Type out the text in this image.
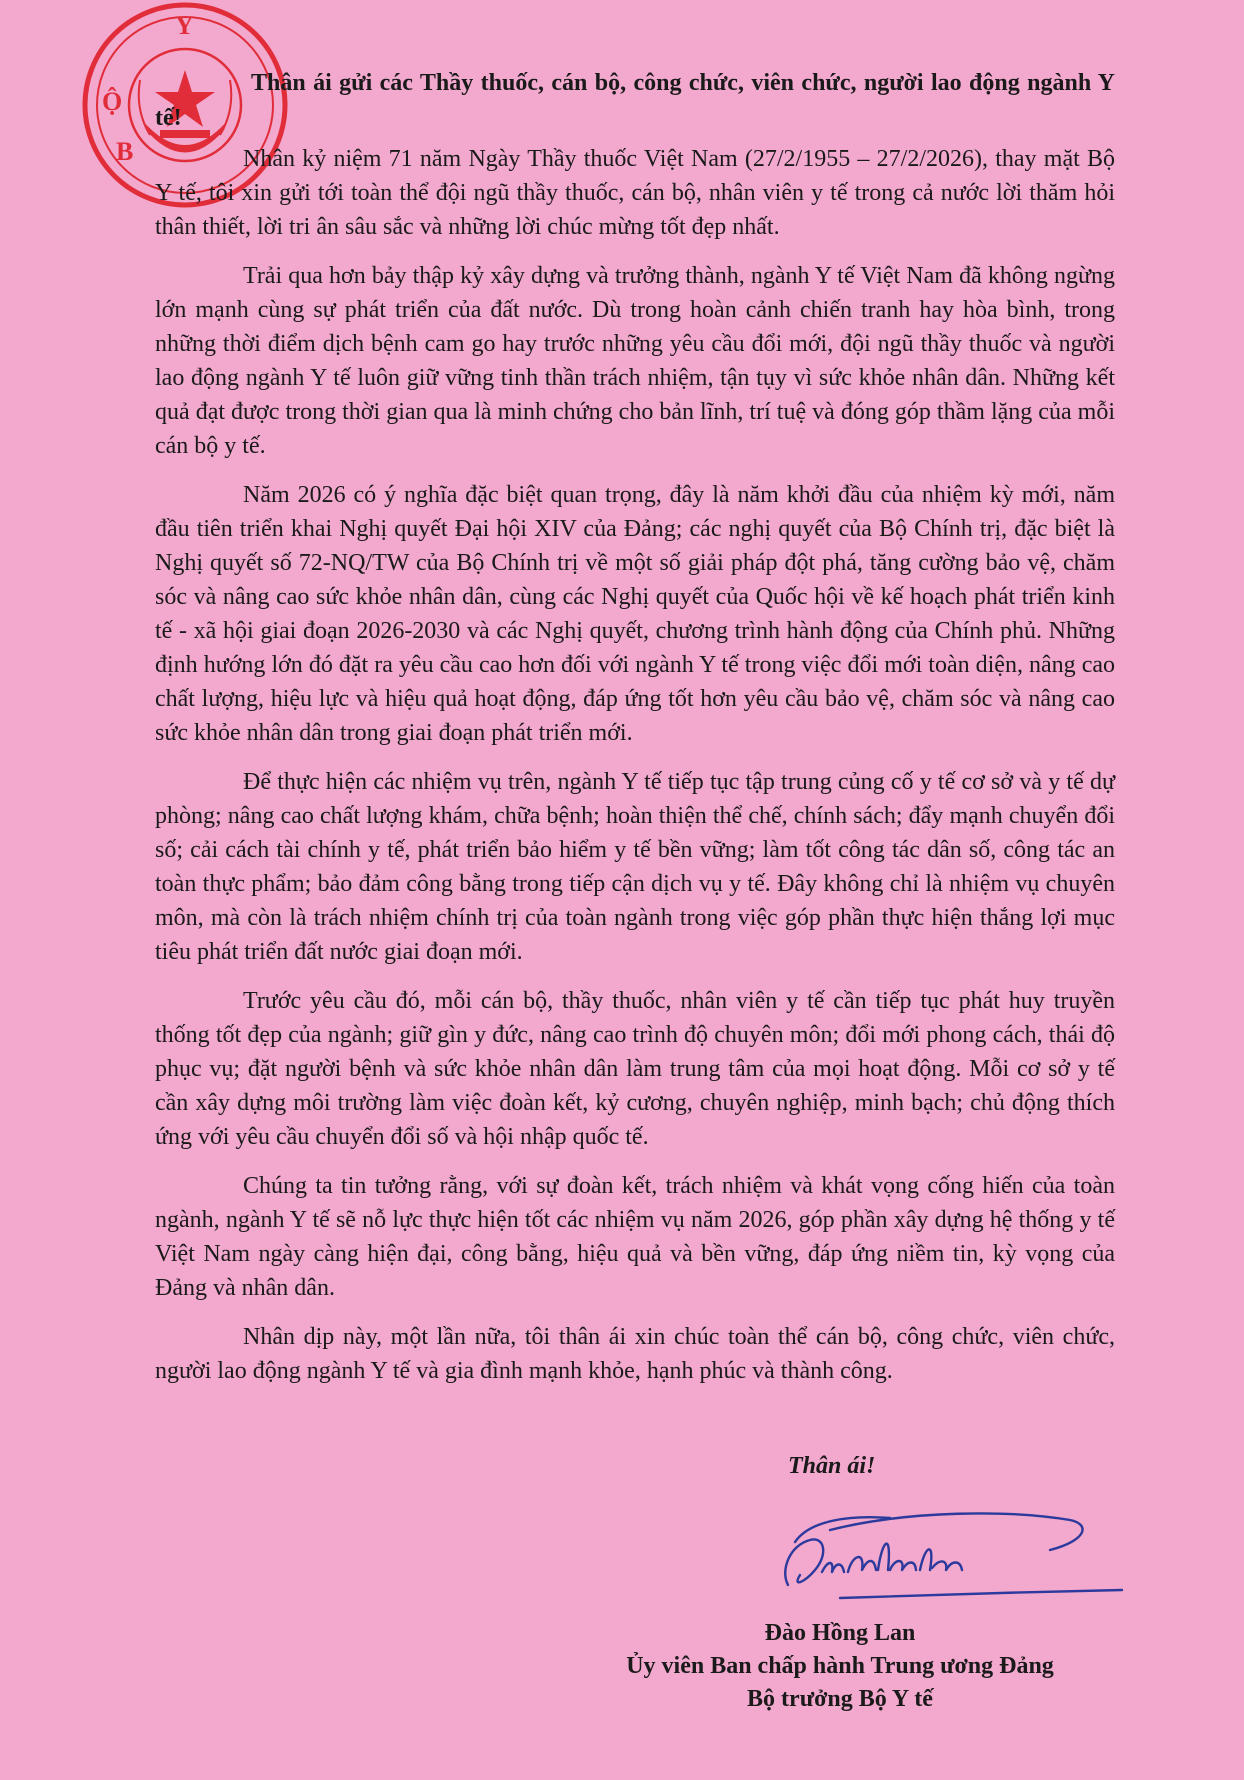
Y
Ộ
B

Thân ái gửi các Thầy thuốc, cán bộ, công chức, viên chức, người lao động ngành Y tế!

Nhân kỷ niệm 71 năm Ngày Thầy thuốc Việt Nam (27/2/1955 – 27/2/2026), thay mặt Bộ Y tế, tôi xin gửi tới toàn thể đội ngũ thầy thuốc, cán bộ, nhân viên y tế trong cả nước lời thăm hỏi thân thiết, lời tri ân sâu sắc và những lời chúc mừng tốt đẹp nhất.

Trải qua hơn bảy thập kỷ xây dựng và trưởng thành, ngành Y tế Việt Nam đã không ngừng lớn mạnh cùng sự phát triển của đất nước. Dù trong hoàn cảnh chiến tranh hay hòa bình, trong những thời điểm dịch bệnh cam go hay trước những yêu cầu đổi mới, đội ngũ thầy thuốc và người lao động ngành Y tế luôn giữ vững tinh thần trách nhiệm, tận tụy vì sức khỏe nhân dân. Những kết quả đạt được trong thời gian qua là minh chứng cho bản lĩnh, trí tuệ và đóng góp thầm lặng của mỗi cán bộ y tế.

Năm 2026 có ý nghĩa đặc biệt quan trọng, đây là năm khởi đầu của nhiệm kỳ mới, năm đầu tiên triển khai Nghị quyết Đại hội XIV của Đảng; các nghị quyết của Bộ Chính trị, đặc biệt là Nghị quyết số 72-NQ/TW của Bộ Chính trị về một số giải pháp đột phá, tăng cường bảo vệ, chăm sóc và nâng cao sức khỏe nhân dân, cùng các Nghị quyết của Quốc hội về kế hoạch phát triển kinh tế - xã hội giai đoạn 2026-2030 và các Nghị quyết, chương trình hành động của Chính phủ. Những định hướng lớn đó đặt ra yêu cầu cao hơn đối với ngành Y tế trong việc đổi mới toàn diện, nâng cao chất lượng, hiệu lực và hiệu quả hoạt động, đáp ứng tốt hơn yêu cầu bảo vệ, chăm sóc và nâng cao sức khỏe nhân dân trong giai đoạn phát triển mới.

Để thực hiện các nhiệm vụ trên, ngành Y tế tiếp tục tập trung củng cố y tế cơ sở và y tế dự phòng; nâng cao chất lượng khám, chữa bệnh; hoàn thiện thể chế, chính sách; đẩy mạnh chuyển đổi số; cải cách tài chính y tế, phát triển bảo hiểm y tế bền vững; làm tốt công tác dân số, công tác an toàn thực phẩm; bảo đảm công bằng trong tiếp cận dịch vụ y tế. Đây không chỉ là nhiệm vụ chuyên môn, mà còn là trách nhiệm chính trị của toàn ngành trong việc góp phần thực hiện thắng lợi mục tiêu phát triển đất nước giai đoạn mới.

Trước yêu cầu đó, mỗi cán bộ, thầy thuốc, nhân viên y tế cần tiếp tục phát huy truyền thống tốt đẹp của ngành; giữ gìn y đức, nâng cao trình độ chuyên môn; đổi mới phong cách, thái độ phục vụ; đặt người bệnh và sức khỏe nhân dân làm trung tâm của mọi hoạt động. Mỗi cơ sở y tế cần xây dựng môi trường làm việc đoàn kết, kỷ cương, chuyên nghiệp, minh bạch; chủ động thích ứng với yêu cầu chuyển đổi số và hội nhập quốc tế.

Chúng ta tin tưởng rằng, với sự đoàn kết, trách nhiệm và khát vọng cống hiến của toàn ngành, ngành Y tế sẽ nỗ lực thực hiện tốt các nhiệm vụ năm 2026, góp phần xây dựng hệ thống y tế Việt Nam ngày càng hiện đại, công bằng, hiệu quả và bền vững, đáp ứng niềm tin, kỳ vọng của Đảng và nhân dân.

Nhân dịp này, một lần nữa, tôi thân ái xin chúc toàn thể cán bộ, công chức, viên chức, người lao động ngành Y tế và gia đình mạnh khỏe, hạnh phúc và thành công.

Thân ái!
Đào Hồng Lan
Ủy viên Ban chấp hành Trung ương Đảng
Bộ trưởng Bộ Y tế
